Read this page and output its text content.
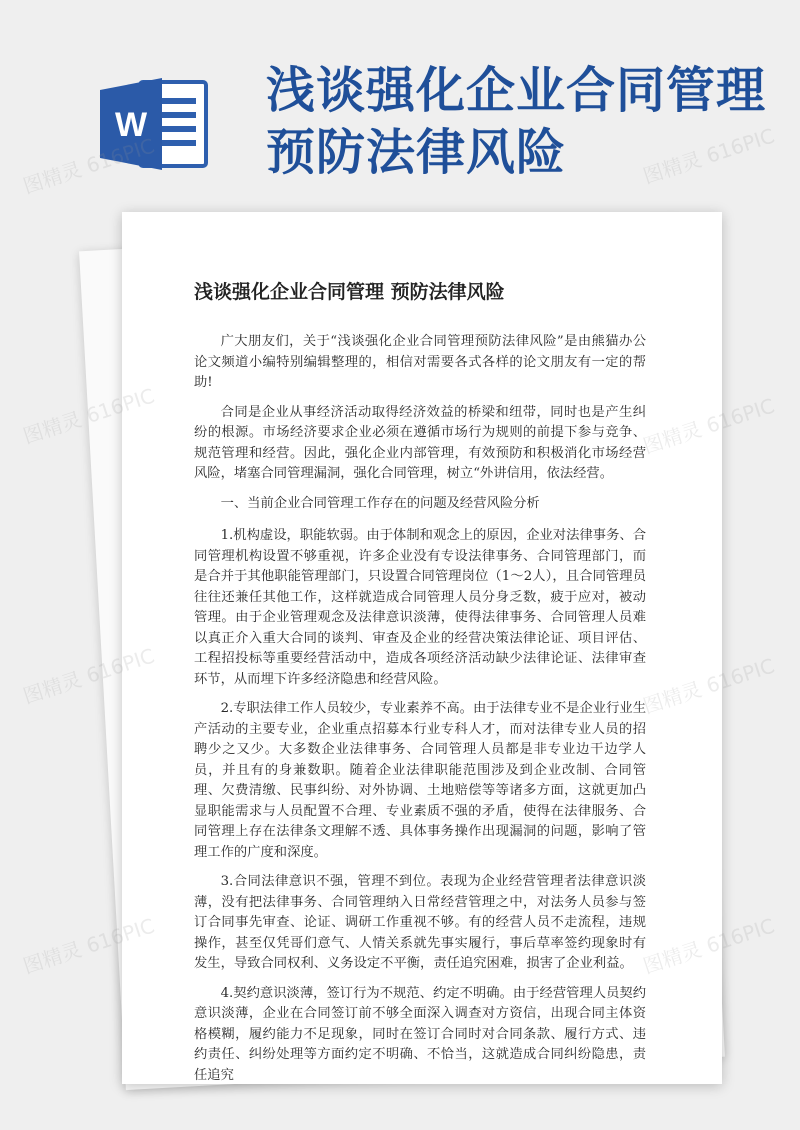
W
浅谈强化企业合同管理
预防法律风险
浅谈强化企业合同管理 预防法律风险

广大朋友们，关于“浅谈强化企业合同管理预防法律风险”是由熊猫办公论文频道小编特别编辑整理的，相信对需要各式各样的论文朋友有一定的帮助!

合同是企业从事经济活动取得经济效益的桥梁和纽带，同时也是产生纠纷的根源。市场经济要求企业必须在遵循市场行为规则的前提下参与竞争、规范管理和经营。因此，强化企业内部管理，有效预防和积极消化市场经营风险，堵塞合同管理漏洞，强化合同管理，树立“外讲信用，依法经营。

一、当前企业合同管理工作存在的问题及经营风险分析

1.机构虚设，职能软弱。由于体制和观念上的原因，企业对法律事务、合同管理机构设置不够重视，许多企业没有专设法律事务、合同管理部门，而是合并于其他职能管理部门，只设置合同管理岗位（1～2人），且合同管理员往往还兼任其他工作，这样就造成合同管理人员分身乏数，疲于应对，被动管理。由于企业管理观念及法律意识淡薄，使得法律事务、合同管理人员难以真正介入重大合同的谈判、审查及企业的经营决策法律论证、项目评估、工程招投标等重要经营活动中，造成各项经济活动缺少法律论证、法律审查环节，从而埋下许多经济隐患和经营风险。

2.专职法律工作人员较少，专业素养不高。由于法律专业不是企业行业生产活动的主要专业，企业重点招募本行业专科人才，而对法律专业人员的招聘少之又少。大多数企业法律事务、合同管理人员都是非专业边干边学人员，并且有的身兼数职。随着企业法律职能范围涉及到企业改制、合同管理、欠费清缴、民事纠纷、对外协调、土地赔偿等等诸多方面，这就更加凸显职能需求与人员配置不合理、专业素质不强的矛盾，使得在法律服务、合同管理上存在法律条文理解不透、具体事务操作出现漏洞的问题，影响了管理工作的广度和深度。

3.合同法律意识不强，管理不到位。表现为企业经营管理者法律意识淡薄，没有把法律事务、合同管理纳入日常经营管理之中，对法务人员参与签订合同事先审查、论证、调研工作重视不够。有的经营人员不走流程，违规操作，甚至仅凭哥们意气、人情关系就先事实履行，事后草率签约现象时有发生，导致合同权利、义务设定不平衡，责任追究困难，损害了企业利益。

4.契约意识淡薄，签订行为不规范、约定不明确。由于经营管理人员契约意识淡薄，企业在合同签订前不够全面深入调查对方资信，出现合同主体资格模糊，履约能力不足现象，同时在签订合同时对合同条款、履行方式、违约责任、纠纷处理等方面约定不明确、不恰当，这就造成合同纠纷隐患，责任追究

图精灵 616PIC	图精灵 616PIC
图精灵	616PIC
图精灵 616PIC	616PIC
图精灵 616PIC	616PIC
